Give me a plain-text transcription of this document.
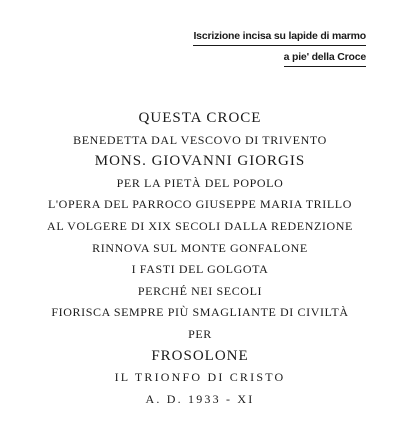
Iscrizione incisa su lapide di marmo
a pie' della Croce
QUESTA CROCE
BENEDETTA DAL VESCOVO DI TRIVENTO
MONS. GIOVANNI GIORGIS
PER LA PIETÀ DEL POPOLO
L'OPERA DEL PARROCO GIUSEPPE MARIA TRILLO
AL VOLGERE DI XIX SECOLI DALLA REDENZIONE
RINNOVA SUL MONTE GONFALONE
I FASTI DEL GOLGOTA
PERCHÉ NEI SECOLI
FIORISCA SEMPRE PIÙ SMAGLIANTE DI CIVILTÀ
PER
FROSOLONE
IL TRIONFO DI CRISTO
A. D. 1933 - XI
